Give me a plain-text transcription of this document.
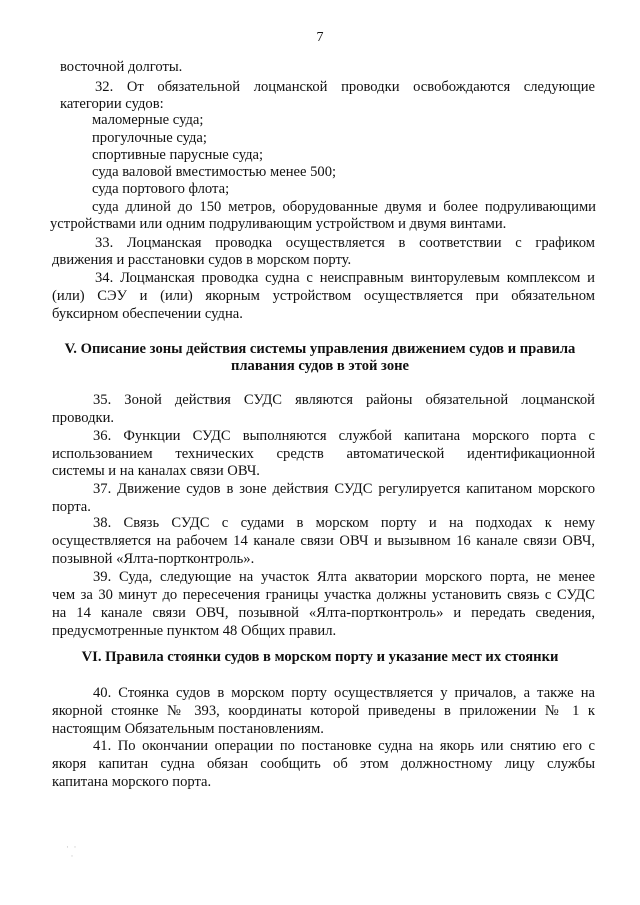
7
восточной долготы.
32. От обязательной лоцманской проводки освобождаются следующие
категории судов:
маломерные суда;
прогулочные суда;
спортивные парусные суда;
суда валовой вместимостью менее 500;
суда портового флота;
суда длиной до 150 метров, оборудованные двумя и более подруливающими
устройствами или одним подруливающим устройством и двумя винтами.
33. Лоцманская проводка осуществляется в соответствии с графиком
движения и расстановки судов в морском порту.
34. Лоцманская проводка судна с неисправным винторулевым комплексом и
(или) СЭУ и (или) якорным устройством осуществляется при обязательном
буксирном обеспечении судна.
V. Описание зоны действия системы управления движением судов и правила
плавания судов в этой зоне
35. Зоной действия СУДС являются районы обязательной лоцманской
проводки.
36. Функции СУДС выполняются службой капитана морского порта с
использованием технических средств автоматической идентификационной
системы и на каналах связи ОВЧ.
37. Движение судов в зоне действия СУДС регулируется капитаном морского
порта.
38. Связь СУДС с судами в морском порту и на подходах к нему
осуществляется на рабочем 14 канале связи ОВЧ и вызывном 16 канале связи ОВЧ,
позывной «Ялта-портконтроль».
39. Суда, следующие на участок Ялта акватории морского порта, не менее
чем за 30 минут до пересечения границы участка должны установить связь с СУДС
на 14 канале связи ОВЧ, позывной «Ялта-портконтроль» и передать сведения,
предусмотренные пунктом 48 Общих правил.
VI. Правила стоянки судов в морском порту и указание мест их стоянки
40. Стоянка судов в морском порту осуществляется у причалов, а также на
якорной стоянке № 393, координаты которой приведены в приложении № 1 к
настоящим Обязательным постановлениям.
41. По окончании операции по постановке судна на якорь или снятию его с
якоря капитан судна обязан сообщить об этом должностному лицу службы
капитана морского порта.
·  ·
·
